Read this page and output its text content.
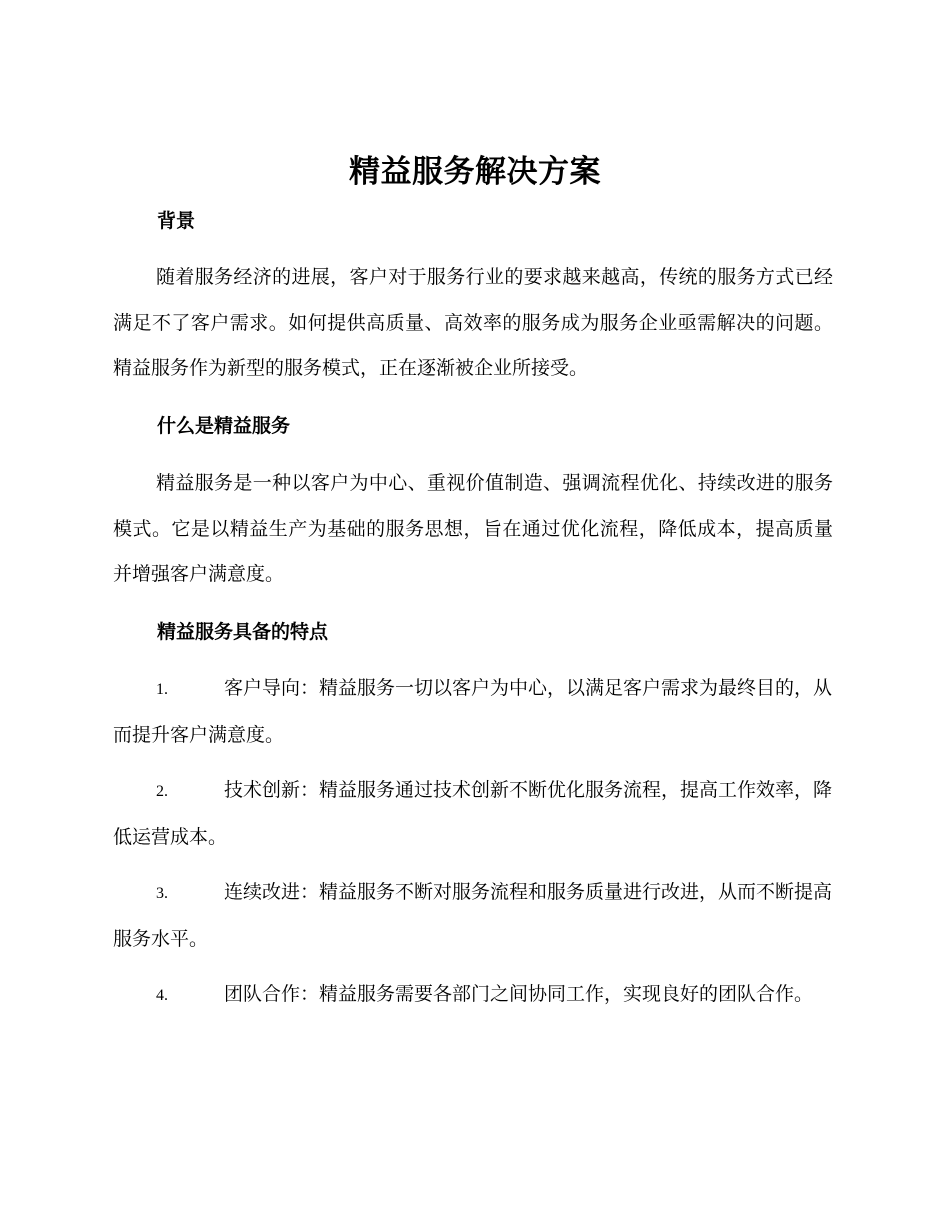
精益服务解决方案
背景

随着服务经济的进展，客户对于服务行业的要求越来越高，传统的服务方式已经满足不了客户需求。如何提供高质量、高效率的服务成为服务企业亟需解决的问题。精益服务作为新型的服务模式，正在逐渐被企业所接受。

什么是精益服务

精益服务是一种以客户为中心、重视价值制造、强调流程优化、持续改进的服务模式。它是以精益生产为基础的服务思想，旨在通过优化流程，降低成本，提高质量并增强客户满意度。

精益服务具备的特点

1.	客户导向：精益服务一切以客户为中心，以满足客户需求为最终目的，从而提升客户满意度。

2.	技术创新：精益服务通过技术创新不断优化服务流程，提高工作效率，降低运营成本。

3.	连续改进：精益服务不断对服务流程和服务质量进行改进，从而不断提高服务水平。

4.	团队合作：精益服务需要各部门之间协同工作，实现良好的团队合作。
